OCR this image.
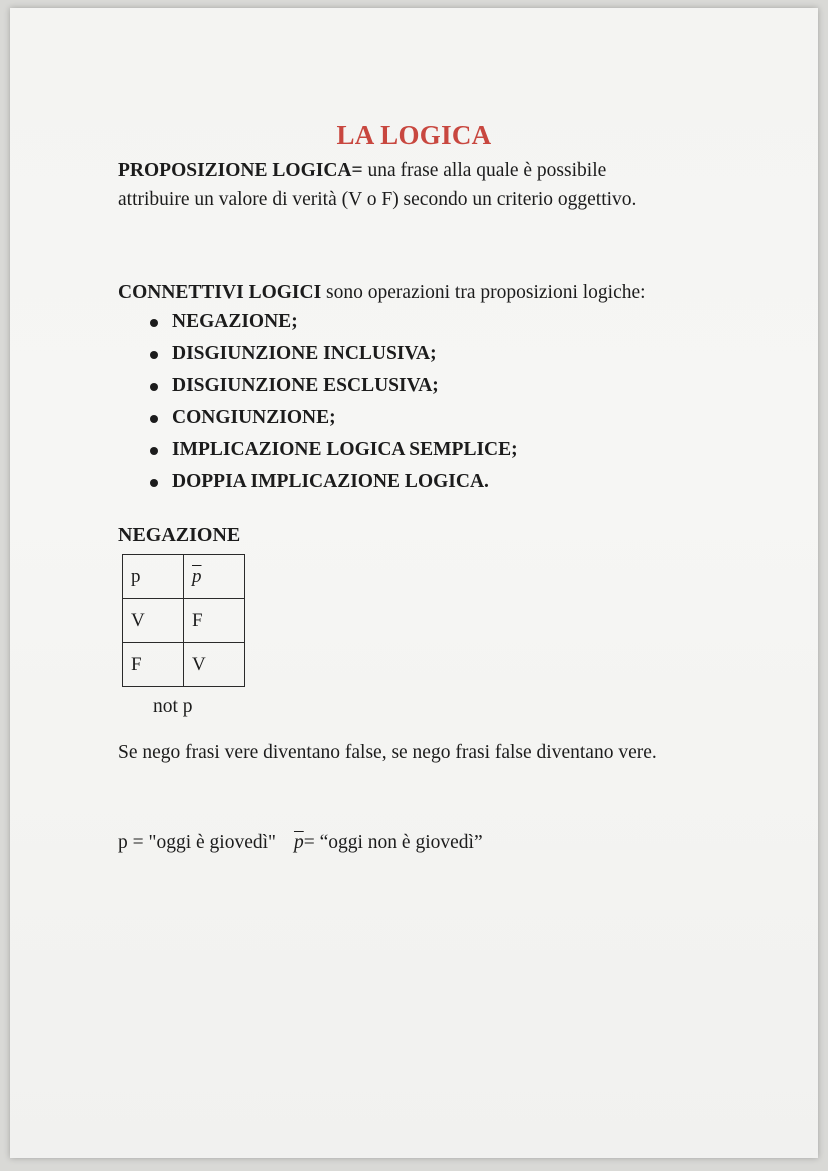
LA LOGICA
PROPOSIZIONE LOGICA= una frase alla quale è possibile attribuire un valore di verità (V o F) secondo un criterio oggettivo.
CONNETTIVI LOGICI sono operazioni tra proposizioni logiche:
NEGAZIONE;
DISGIUNZIONE INCLUSIVA;
DISGIUNZIONE ESCLUSIVA;
CONGIUNZIONE;
IMPLICAZIONE LOGICA SEMPLICE;
DOPPIA IMPLICAZIONE LOGICA.
NEGAZIONE
p	$\overline{p}$
V	F
F	V
not p
Se nego frasi vere diventano false, se nego frasi false diventano vere.
p = "oggi è giovedì" $\overline{p}=$ “oggi non è giovedì”
